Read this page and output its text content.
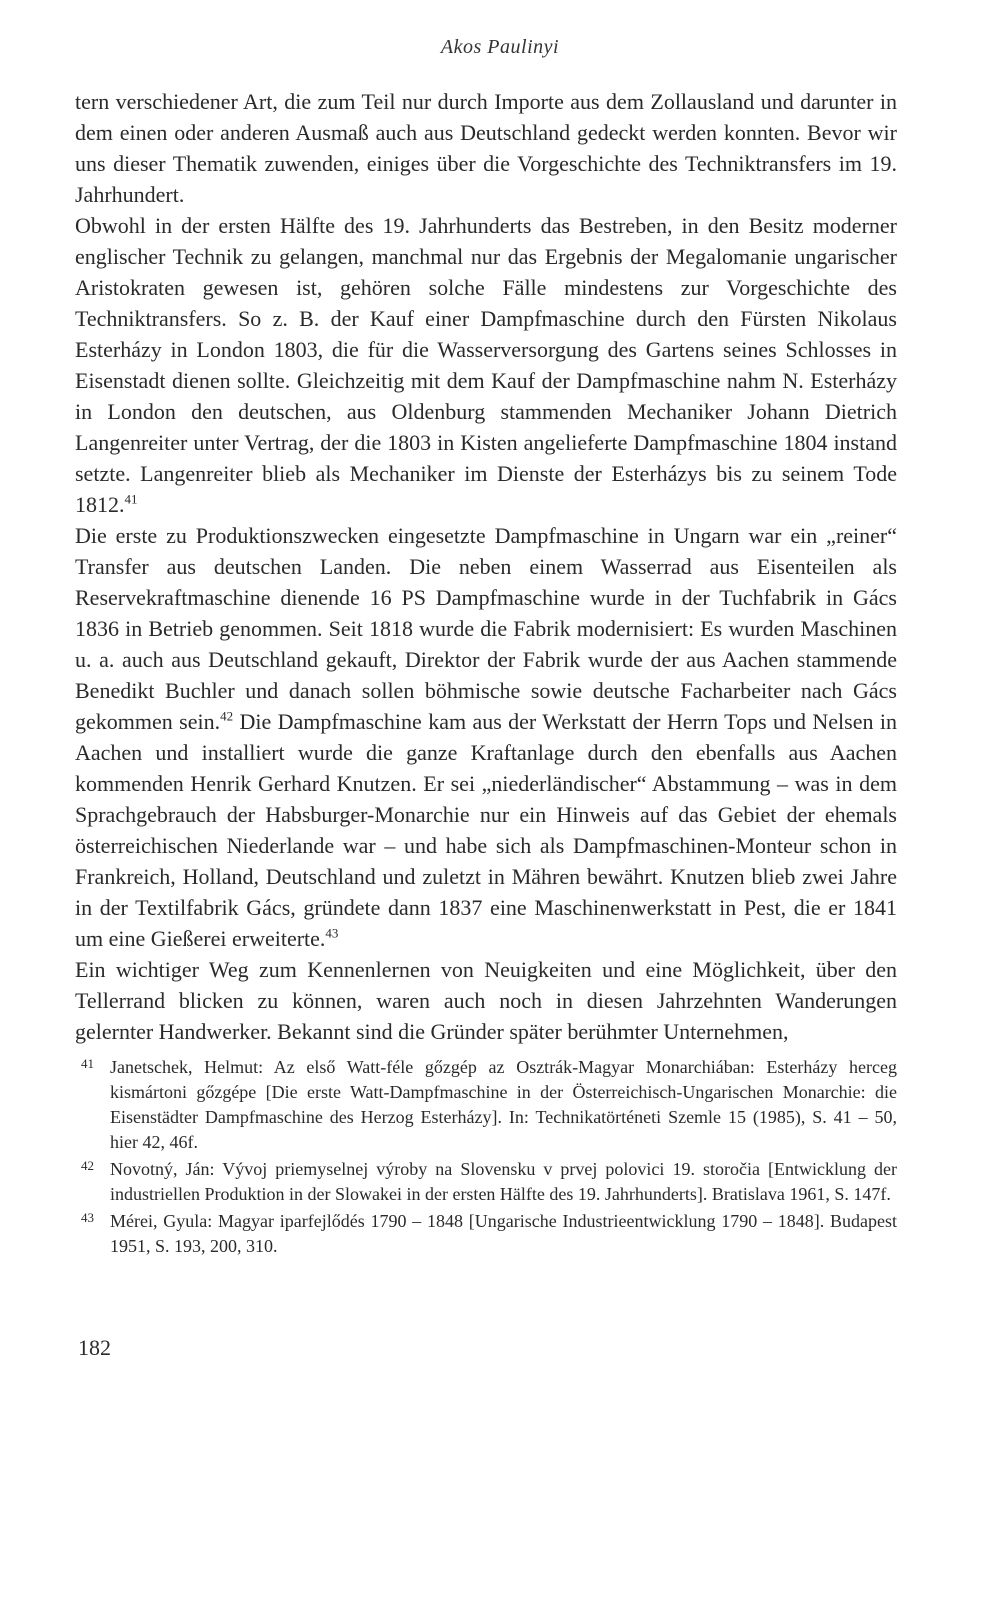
Akos Paulinyi

tern verschiedener Art, die zum Teil nur durch Importe aus dem Zollausland und darunter in dem einen oder anderen Ausmaß auch aus Deutschland gedeckt werden konnten. Bevor wir uns dieser Thematik zuwenden, einiges über die Vorgeschichte des Techniktransfers im 19. Jahrhundert.

Obwohl in der ersten Hälfte des 19. Jahrhunderts das Bestreben, in den Besitz moderner englischer Technik zu gelangen, manchmal nur das Ergebnis der Megalomanie ungarischer Aristokraten gewesen ist, gehören solche Fälle mindestens zur Vorgeschichte des Techniktransfers. So z. B. der Kauf einer Dampfmaschine durch den Fürsten Nikolaus Esterházy in London 1803, die für die Wasserversorgung des Gartens seines Schlosses in Eisenstadt dienen sollte. Gleichzeitig mit dem Kauf der Dampfmaschine nahm N. Esterházy in London den deutschen, aus Oldenburg stammenden Mechaniker Johann Dietrich Langenreiter unter Vertrag, der die 1803 in Kisten angelieferte Dampfmaschine 1804 instand setzte. Langenreiter blieb als Mechaniker im Dienste der Esterházys bis zu seinem Tode 1812.41

Die erste zu Produktionszwecken eingesetzte Dampfmaschine in Ungarn war ein „reiner“ Transfer aus deutschen Landen. Die neben einem Wasserrad aus Eisenteilen als Reservekraftmaschine dienende 16 PS Dampfmaschine wurde in der Tuchfabrik in Gács 1836 in Betrieb genommen. Seit 1818 wurde die Fabrik modernisiert: Es wurden Maschinen u. a. auch aus Deutschland gekauft, Direktor der Fabrik wurde der aus Aachen stammende Benedikt Buchler und danach sollen böhmische sowie deutsche Facharbeiter nach Gács gekommen sein.$^{42}$ Die Dampfmaschine kam aus der Werkstatt der Herrn Tops und Nelsen in Aachen und installiert wurde die ganze Kraftanlage durch den ebenfalls aus Aachen kommenden Henrik Gerhard Knutzen. Er sei „niederländischer“ Abstammung – was in dem Sprachgebrauch der Habsburger-Monarchie nur ein Hinweis auf das Gebiet der ehemals österreichischen Niederlande war – und habe sich als Dampfmaschinen-Monteur schon in Frankreich, Holland, Deutschland und zuletzt in Mähren bewährt. Knutzen blieb zwei Jahre in der Textilfabrik Gács, gründete dann 1837 eine Maschinenwerkstatt in Pest, die er 1841 um eine Gießerei erweiterte.$^{43}$

Ein wichtiger Weg zum Kennenlernen von Neuigkeiten und eine Möglichkeit, über den Tellerrand blicken zu können, waren auch noch in diesen Jahrzehnten Wanderungen gelernter Handwerker. Bekannt sind die Gründer später berühmter Unternehmen,

41 Janetschek, Helmut: Az első Watt-féle gőzgép az Osztrák-Magyar Monarchiában: Esterházy herceg kismártoni gőzgépe [Die erste Watt-Dampfmaschine in der Österreichisch-Ungarischen Monarchie: die Eisenstädter Dampfmaschine des Herzog Esterházy]. In: Technikatörténeti Szemle 15 (1985), S. 41 – 50, hier 42, 46f.

42 Novotný, Ján: Vývoj priemyselnej výroby na Slovensku v prvej polovici 19. storočia [Entwicklung der industriellen Produktion in der Slowakei in der ersten Hälfte des 19. Jahrhunderts]. Bratislava 1961, S. 147f.

43 Mérei, Gyula: Magyar iparfejlődés 1790 – 1848 [Ungarische Industrieentwicklung 1790 – 1848]. Budapest 1951, S. 193, 200, 310.

182
